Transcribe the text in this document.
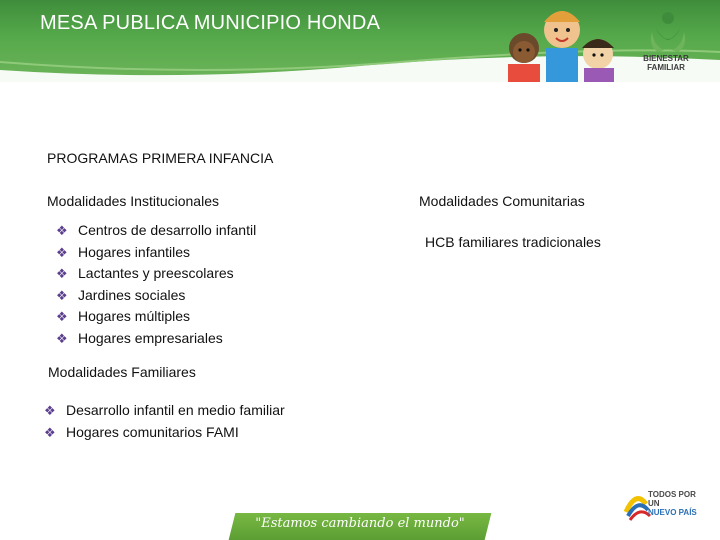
MESA PUBLICA MUNICIPIO HONDA
BIENESTAR
FAMILIAR
PROGRAMAS PRIMERA INFANCIA
Modalidades Institucionales
❖ Centros de desarrollo infantil
❖ Hogares infantiles
❖ Lactantes y preescolares
❖ Jardines sociales
❖ Hogares múltiples
❖ Hogares empresariales
Modalidades Comunitarias
HCB familiares tradicionales
Modalidades Familiares
❖ Desarrollo infantil en medio familiar
❖ Hogares comunitarios FAMI
"Estamos cambiando el mundo"
TODOS POR UN
NUEVO PAÍS
